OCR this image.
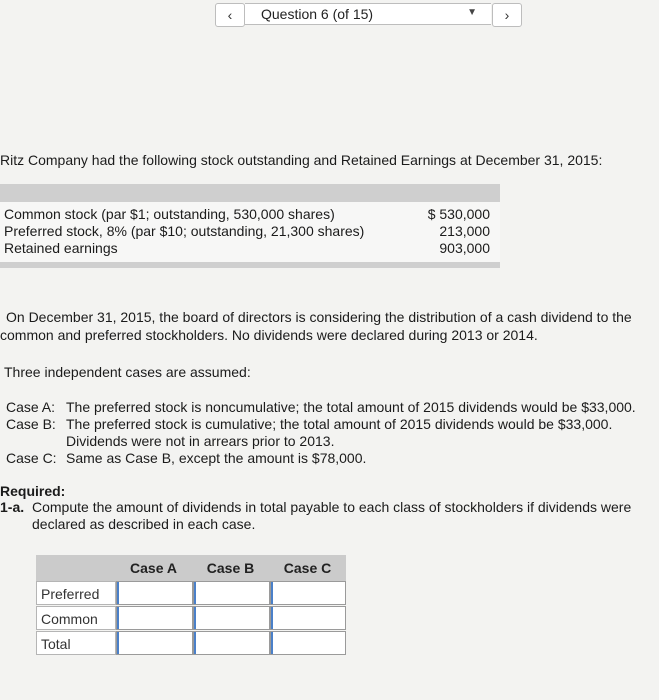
‹	Question 6 (of 15)	▼	›
Ritz Company had the following stock outstanding and Retained Earnings at December 31, 2015:
Common stock (par $1; outstanding, 530,000 shares)	$ 530,000
Preferred stock, 8% (par $10; outstanding, 21,300 shares)	213,000
Retained earnings	903,000
On December 31, 2015, the board of directors is considering the distribution of a cash dividend to the
common and preferred stockholders. No dividends were declared during 2013 or 2014.
Three independent cases are assumed:
Case A: The preferred stock is noncumulative; the total amount of 2015 dividends would be $33,000.
Case B: The preferred stock is cumulative; the total amount of 2015 dividends would be $33,000.
Dividends were not in arrears prior to 2013.
Case C: Same as Case B, except the amount is $78,000.
Required:
1-a. Compute the amount of dividends in total payable to each class of stockholders if dividends were
declared as described in each case.
Case A	Case B	Case C
Preferred
Common
Total
